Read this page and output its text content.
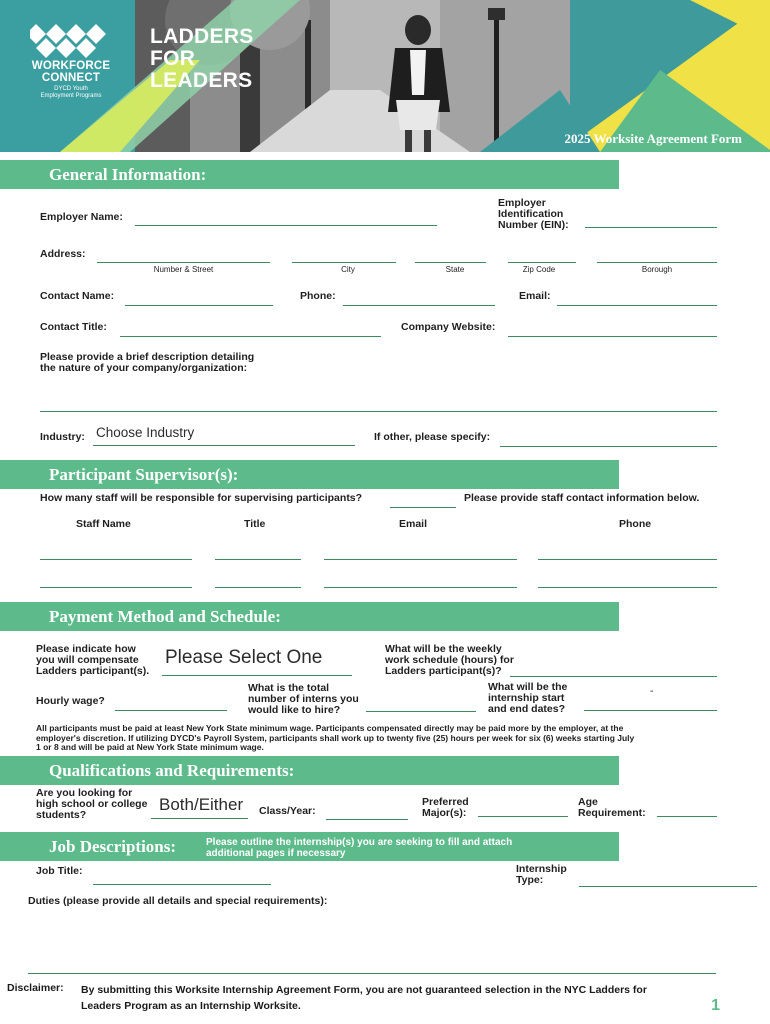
WORKFORCE
CONNECT
DYCD Youth
Employment Programs
LADDERS
FOR
LEADERS
2025 Worksite Agreement Form
General Information:
Employer Name:
Employer
Identification
Number (EIN):
Address:
Number & Street	City	State	Zip Code	Borough
Contact Name:	Phone:	Email:
Contact Title:	Company Website:
Please provide a brief description detailing
the nature of your company/organization:
Industry: Choose Industry	If other, please specify:
Participant Supervisor(s):
How many staff will be responsible for supervising participants?	Please provide staff contact information below.
Staff Name	Title	Email	Phone
Payment Method and Schedule:
Please indicate how
you will compensate
Ladders participant(s).
Please Select One	What will be the weekly
work schedule (hours) for
Ladders participant(s)?
Hourly wage?
What is the total
number of interns you
would like to hire?
What will be the
internship start
and end dates?
-
All participants must be paid at least New York State minimum wage. Participants compensated directly may be paid more by the employer, at the
employer's discretion. If utilizing DYCD's Payroll System, participants shall work up to twenty five (25) hours per week for six (6) weeks starting July
1 or 8 and will be paid at New York State minimum wage.
Qualifications and Requirements:
Are you looking for
high school or college
students?
Both/Either Class/Year:
Preferred
Major(s):
Age
Requirement:
Job Descriptions:	Please outline the internship(s) you are seeking to fill and attach
additional pages if necessary
Job Title:	Internship
Type:
Duties (please provide all details and special requirements):
Disclaimer: By submitting this Worksite Internship Agreement Form, you are not guaranteed selection in the NYC Ladders for
Leaders Program as an Internship Worksite.	1
